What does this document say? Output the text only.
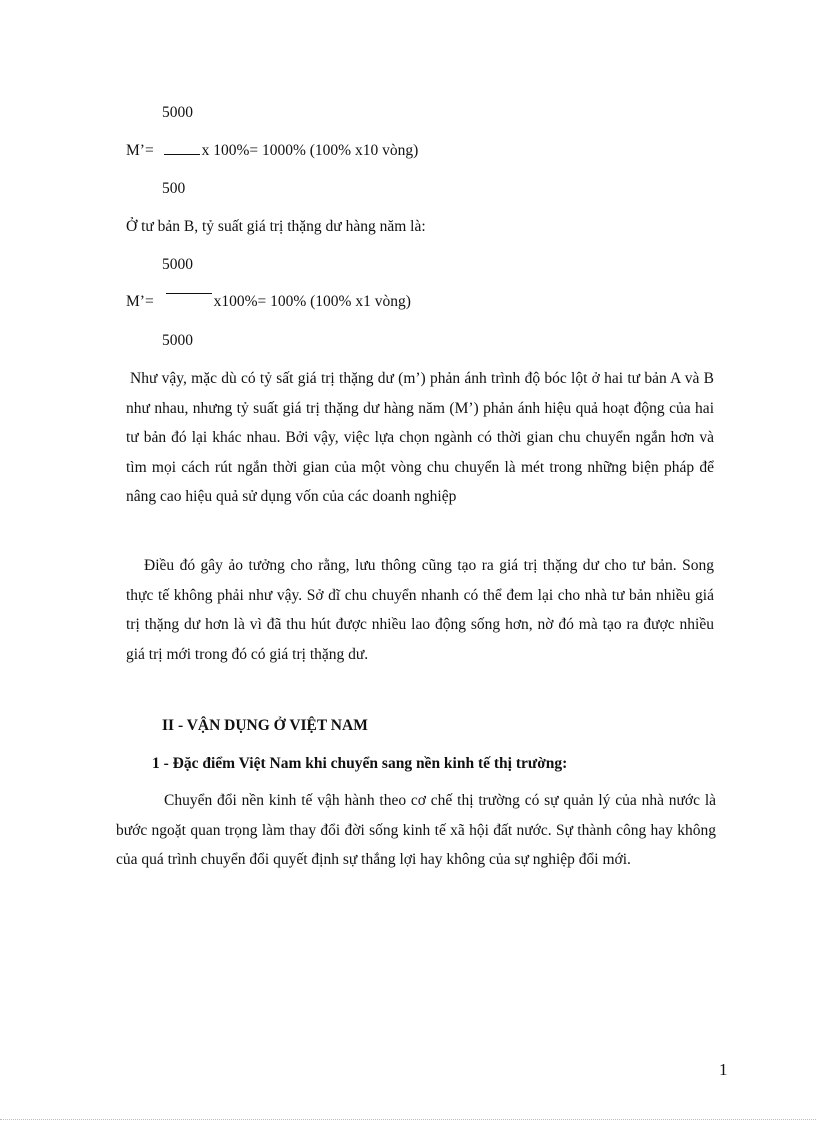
5000
M’=	x 100%= 1000% (100% x10 vòng)
500
Ở tư bản B, tỷ suất giá trị thặng dư hàng năm là:
5000
M’=	x100%= 100% (100% x1 vòng)
5000
Như vậy, mặc dù có tỷ sất giá trị thặng dư (m’) phản ánh trình độ bóc lột ở hai tư bản A và B như nhau, nhưng tỷ suất giá trị thặng dư hàng năm (M’) phản ánh hiệu quả hoạt động của hai tư bản đó lại khác nhau. Bởi vậy, việc lựa chọn ngành có thời gian chu chuyển ngắn hơn và tìm mọi cách rút ngắn thời gian của một vòng chu chuyển là mét trong những biện pháp để nâng cao hiệu quả sử dụng vốn của các doanh nghiệp
Điều đó gây ảo tưởng cho rằng, lưu thông cũng tạo ra giá trị thặng dư cho tư bản. Song thực tế không phải như vậy. Sở dĩ chu chuyển nhanh có thể đem lại cho nhà tư bản nhiều giá trị thặng dư hơn là vì đã thu hút được nhiều lao động sống hơn, nờ đó mà tạo ra được nhiều giá trị mới trong đó có giá trị thặng dư.
II - VẬN DỤNG Ở VIỆT NAM
1 - Đặc điểm Việt Nam khi chuyển sang nền kinh tế thị trường:
Chuyển đổi nền kinh tế vậh hành theo cơ chế thị trường có sự quản lý của nhà nước là bước ngoặt quan trọng làm thay đổi đời sống kinh tế xã hội đất nước. Sự thành công hay không của quá trình chuyển đổi quyết định sự thắng lợi hay không của sự nghiệp đổi mới.
1
